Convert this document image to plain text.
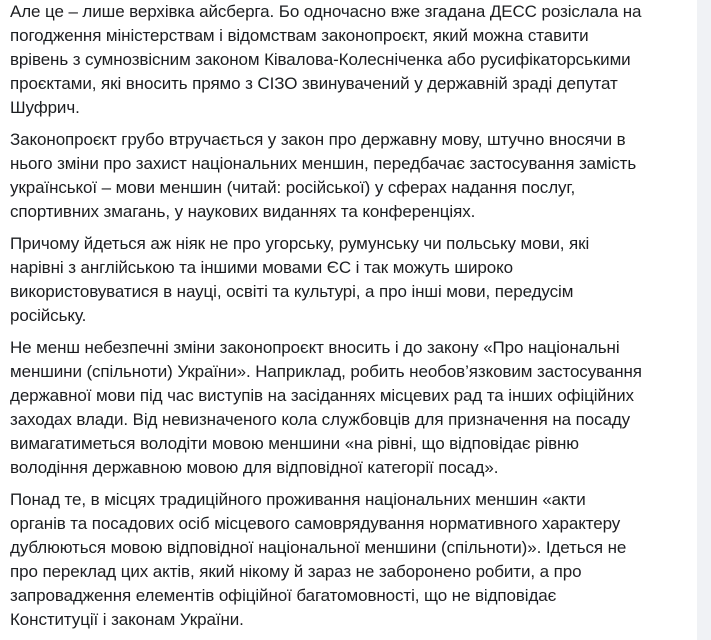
Але це – лише верхівка айсберга. Бо одночасно вже згадана ДЕСС розіслала на
погодження міністерствам і відомствам законопроєкт, який можна ставити
врівень з сумнозвісним законом Ківалова-Колесніченка або русифікаторськими
проєктами, які вносить прямо з СІЗО звинувачений у державній зраді депутат
Шуфрич.

Законопроєкт грубо втручається у закон про державну мову, штучно вносячи в
нього зміни про захист національних меншин, передбачає застосування замість
української – мови меншин (читай: російської) у сферах надання послуг,
спортивних змагань, у наукових виданнях та конференціях.

Причому йдеться аж ніяк не про угорську, румунську чи польську мови, які
нарівні з англійською та іншими мовами ЄС і так можуть широко
використовуватися в науці, освіті та культурі, а про інші мови, передусім
російську.

Не менш небезпечні зміни законопроєкт вносить і до закону «Про національні
меншини (спільноти) України». Наприклад, робить необов’язковим застосування
державної мови під час виступів на засіданнях місцевих рад та інших офіційних
заходах влади. Від невизначеного кола службовців для призначення на посаду
вимагатиметься володіти мовою меншини «на рівні, що відповідає рівню
володіння державною мовою для відповідної категорії посад».

Понад те, в місцях традиційного проживання національних меншин «акти
органів та посадових осіб місцевого самоврядування нормативного характеру
дублюються мовою відповідної національної меншини (спільноти)». Ідеться не
про переклад цих актів, який нікому й зараз не заборонено робити, а про
запровадження елементів офіційної багатомовності, що не відповідає
Конституції і законам України.
